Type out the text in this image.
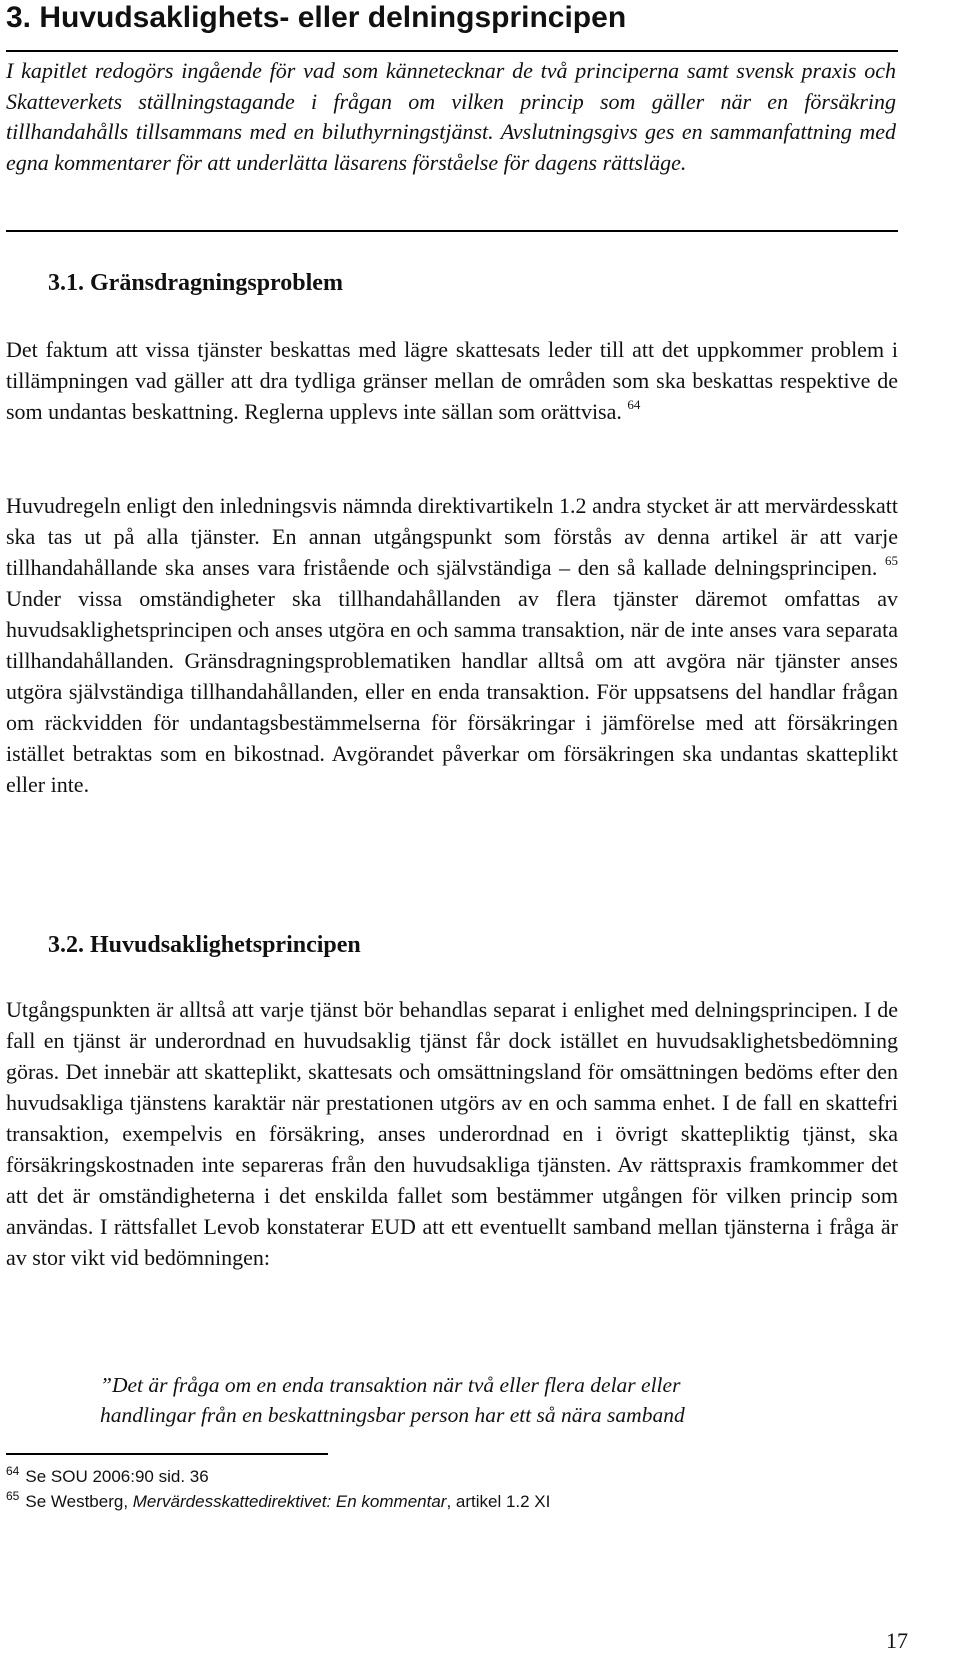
3. Huvudsaklighets- eller delningsprincipen
I kapitlet redogörs ingående för vad som kännetecknar de två principerna samt svensk praxis och Skatteverkets ställningstagande i frågan om vilken princip som gäller när en försäkring tillhandahålls tillsammans med en biluthyrningstjänst. Avslutningsgivs ges en sammanfattning med egna kommentarer för att underlätta läsarens förståelse för dagens rättsläge.
3.1. Gränsdragningsproblem
Det faktum att vissa tjänster beskattas med lägre skattesats leder till att det uppkommer problem i tillämpningen vad gäller att dra tydliga gränser mellan de områden som ska beskattas respektive de som undantas beskattning. Reglerna upplevs inte sällan som orättvisa. $^{64}$
Huvudregeln enligt den inledningsvis nämnda direktivartikeln 1.2 andra stycket är att mervärdesskatt ska tas ut på alla tjänster. En annan utgångspunkt som förstås av denna artikel är att varje tillhandahållande ska anses vara fristående och självständiga – den så kallade delningsprincipen. $^{65}$ Under vissa omständigheter ska tillhandahållanden av flera tjänster däremot omfattas av huvudsaklighetsprincipen och anses utgöra en och samma transaktion, när de inte anses vara separata tillhandahållanden. Gränsdragningsproblematiken handlar alltså om att avgöra när tjänster anses utgöra självständiga tillhandahållanden, eller en enda transaktion. För uppsatsens del handlar frågan om räckvidden för undantagsbestämmelserna för försäkringar i jämförelse med att försäkringen istället betraktas som en bikostnad. Avgörandet påverkar om försäkringen ska undantas skatteplikt eller inte.
3.2. Huvudsaklighetsprincipen
Utgångspunkten är alltså att varje tjänst bör behandlas separat i enlighet med delningsprincipen. I de fall en tjänst är underordnad en huvudsaklig tjänst får dock istället en huvudsaklighetsbedömning göras. Det innebär att skatteplikt, skattesats och omsättningsland för omsättningen bedöms efter den huvudsakliga tjänstens karaktär när prestationen utgörs av en och samma enhet. I de fall en skattefri transaktion, exempelvis en försäkring, anses underordnad en i övrigt skattepliktig tjänst, ska försäkringskostnaden inte separeras från den huvudsakliga tjänsten. Av rättspraxis framkommer det att det är omständigheterna i det enskilda fallet som bestämmer utgången för vilken princip som användas. I rättsfallet Levob konstaterar EUD att ett eventuellt samband mellan tjänsterna i fråga är av stor vikt vid bedömningen:
”Det är fråga om en enda transaktion när två eller flera delar eller
handlingar från en beskattningsbar person har ett så nära samband
$^{64}$ Se SOU 2006:90 sid. 36
$^{65}$ Se Westberg, Mervärdesskattedirektivet: En kommentar, artikel 1.2 XI
17
